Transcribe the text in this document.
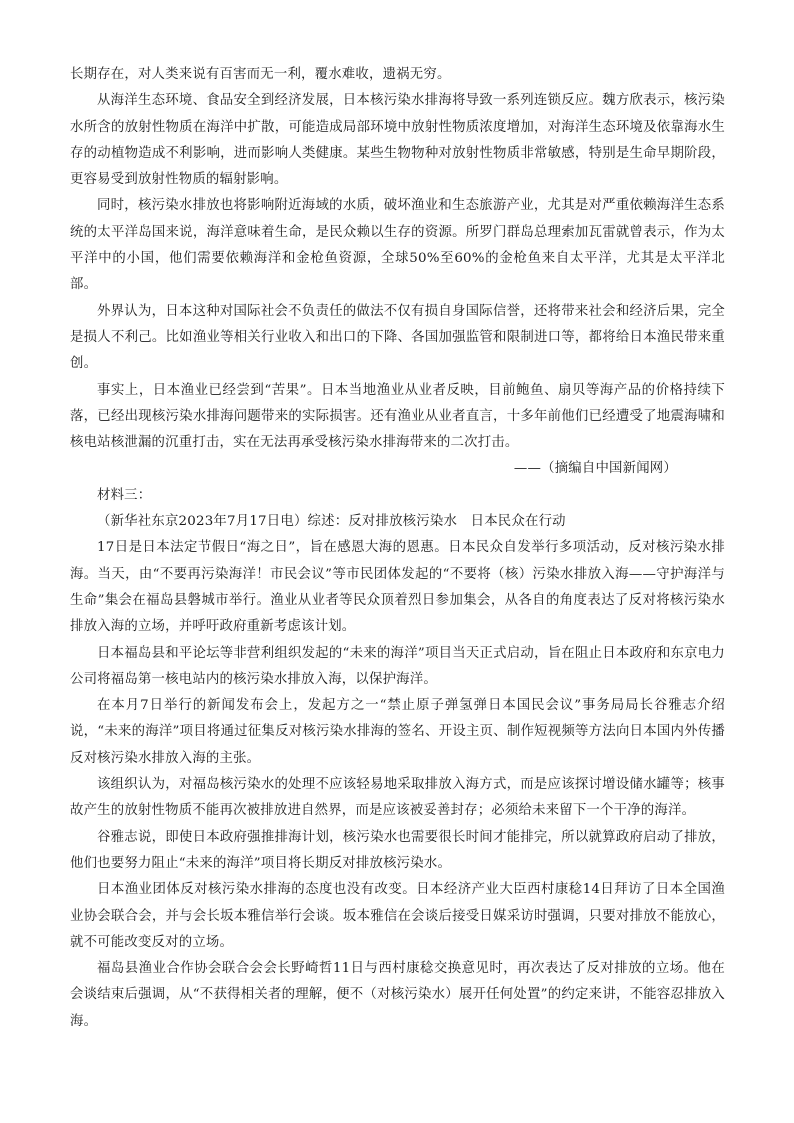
长期存在，对人类来说有百害而无一利，覆水难收，遗祸无穷。

从海洋生态环境、食品安全到经济发展，日本核污染水排海将导致一系列连锁反应。魏方欣表示，核污染水所含的放射性物质在海洋中扩散，可能造成局部环境中放射性物质浓度增加，对海洋生态环境及依靠海水生存的动植物造成不利影响，进而影响人类健康。某些生物物种对放射性物质非常敏感，特别是生命早期阶段，更容易受到放射性物质的辐射影响。

同时，核污染水排放也将影响附近海域的水质，破坏渔业和生态旅游产业，尤其是对严重依赖海洋生态系统的太平洋岛国来说，海洋意味着生命，是民众赖以生存的资源。所罗门群岛总理索加瓦雷就曾表示，作为太平洋中的小国，他们需要依赖海洋和金枪鱼资源，全球50%至60%的金枪鱼来自太平洋，尤其是太平洋北部。

外界认为，日本这种对国际社会不负责任的做法不仅有损自身国际信誉，还将带来社会和经济后果，完全是损人不利己。比如渔业等相关行业收入和出口的下降、各国加强监管和限制进口等，都将给日本渔民带来重创。

事实上，日本渔业已经尝到“苦果”。日本当地渔业从业者反映，目前鲍鱼、扇贝等海产品的价格持续下落，已经出现核污染水排海问题带来的实际损害。还有渔业从业者直言，十多年前他们已经遭受了地震海啸和核电站核泄漏的沉重打击，实在无法再承受核污染水排海带来的二次打击。

——（摘编自中国新闻网）

材料三：

（新华社东京2023年7月17日电）综述：反对排放核污染水　日本民众在行动

17日是日本法定节假日“海之日”，旨在感恩大海的恩惠。日本民众自发举行多项活动，反对核污染水排海。当天，由“不要再污染海洋！市民会议”等市民团体发起的“不要将（核）污染水排放入海——守护海洋与生命”集会在福岛县磐城市举行。渔业从业者等民众顶着烈日参加集会，从各自的角度表达了反对将核污染水排放入海的立场，并呼吁政府重新考虑该计划。

日本福岛县和平论坛等非营利组织发起的“未来的海洋”项目当天正式启动，旨在阻止日本政府和东京电力公司将福岛第一核电站内的核污染水排放入海，以保护海洋。

在本月7日举行的新闻发布会上，发起方之一“禁止原子弹氢弹日本国民会议”事务局局长谷雅志介绍说，“未来的海洋”项目将通过征集反对核污染水排海的签名、开设主页、制作短视频等方法向日本国内外传播反对核污染水排放入海的主张。

该组织认为，对福岛核污染水的处理不应该轻易地采取排放入海方式，而是应该探讨增设储水罐等；核事故产生的放射性物质不能再次被排放进自然界，而是应该被妥善封存；必须给未来留下一个干净的海洋。

谷雅志说，即使日本政府强推排海计划，核污染水也需要很长时间才能排完，所以就算政府启动了排放，他们也要努力阻止“未来的海洋”项目将长期反对排放核污染水。

日本渔业团体反对核污染水排海的态度也没有改变。日本经济产业大臣西村康稔14日拜访了日本全国渔业协会联合会，并与会长坂本雅信举行会谈。坂本雅信在会谈后接受日媒采访时强调，只要对排放不能放心，就不可能改变反对的立场。

福岛县渔业合作协会联合会会长野崎哲11日与西村康稔交换意见时，再次表达了反对排放的立场。他在会谈结束后强调，从“不获得相关者的理解，便不（对核污染水）展开任何处置”的约定来讲，不能容忍排放入海。
